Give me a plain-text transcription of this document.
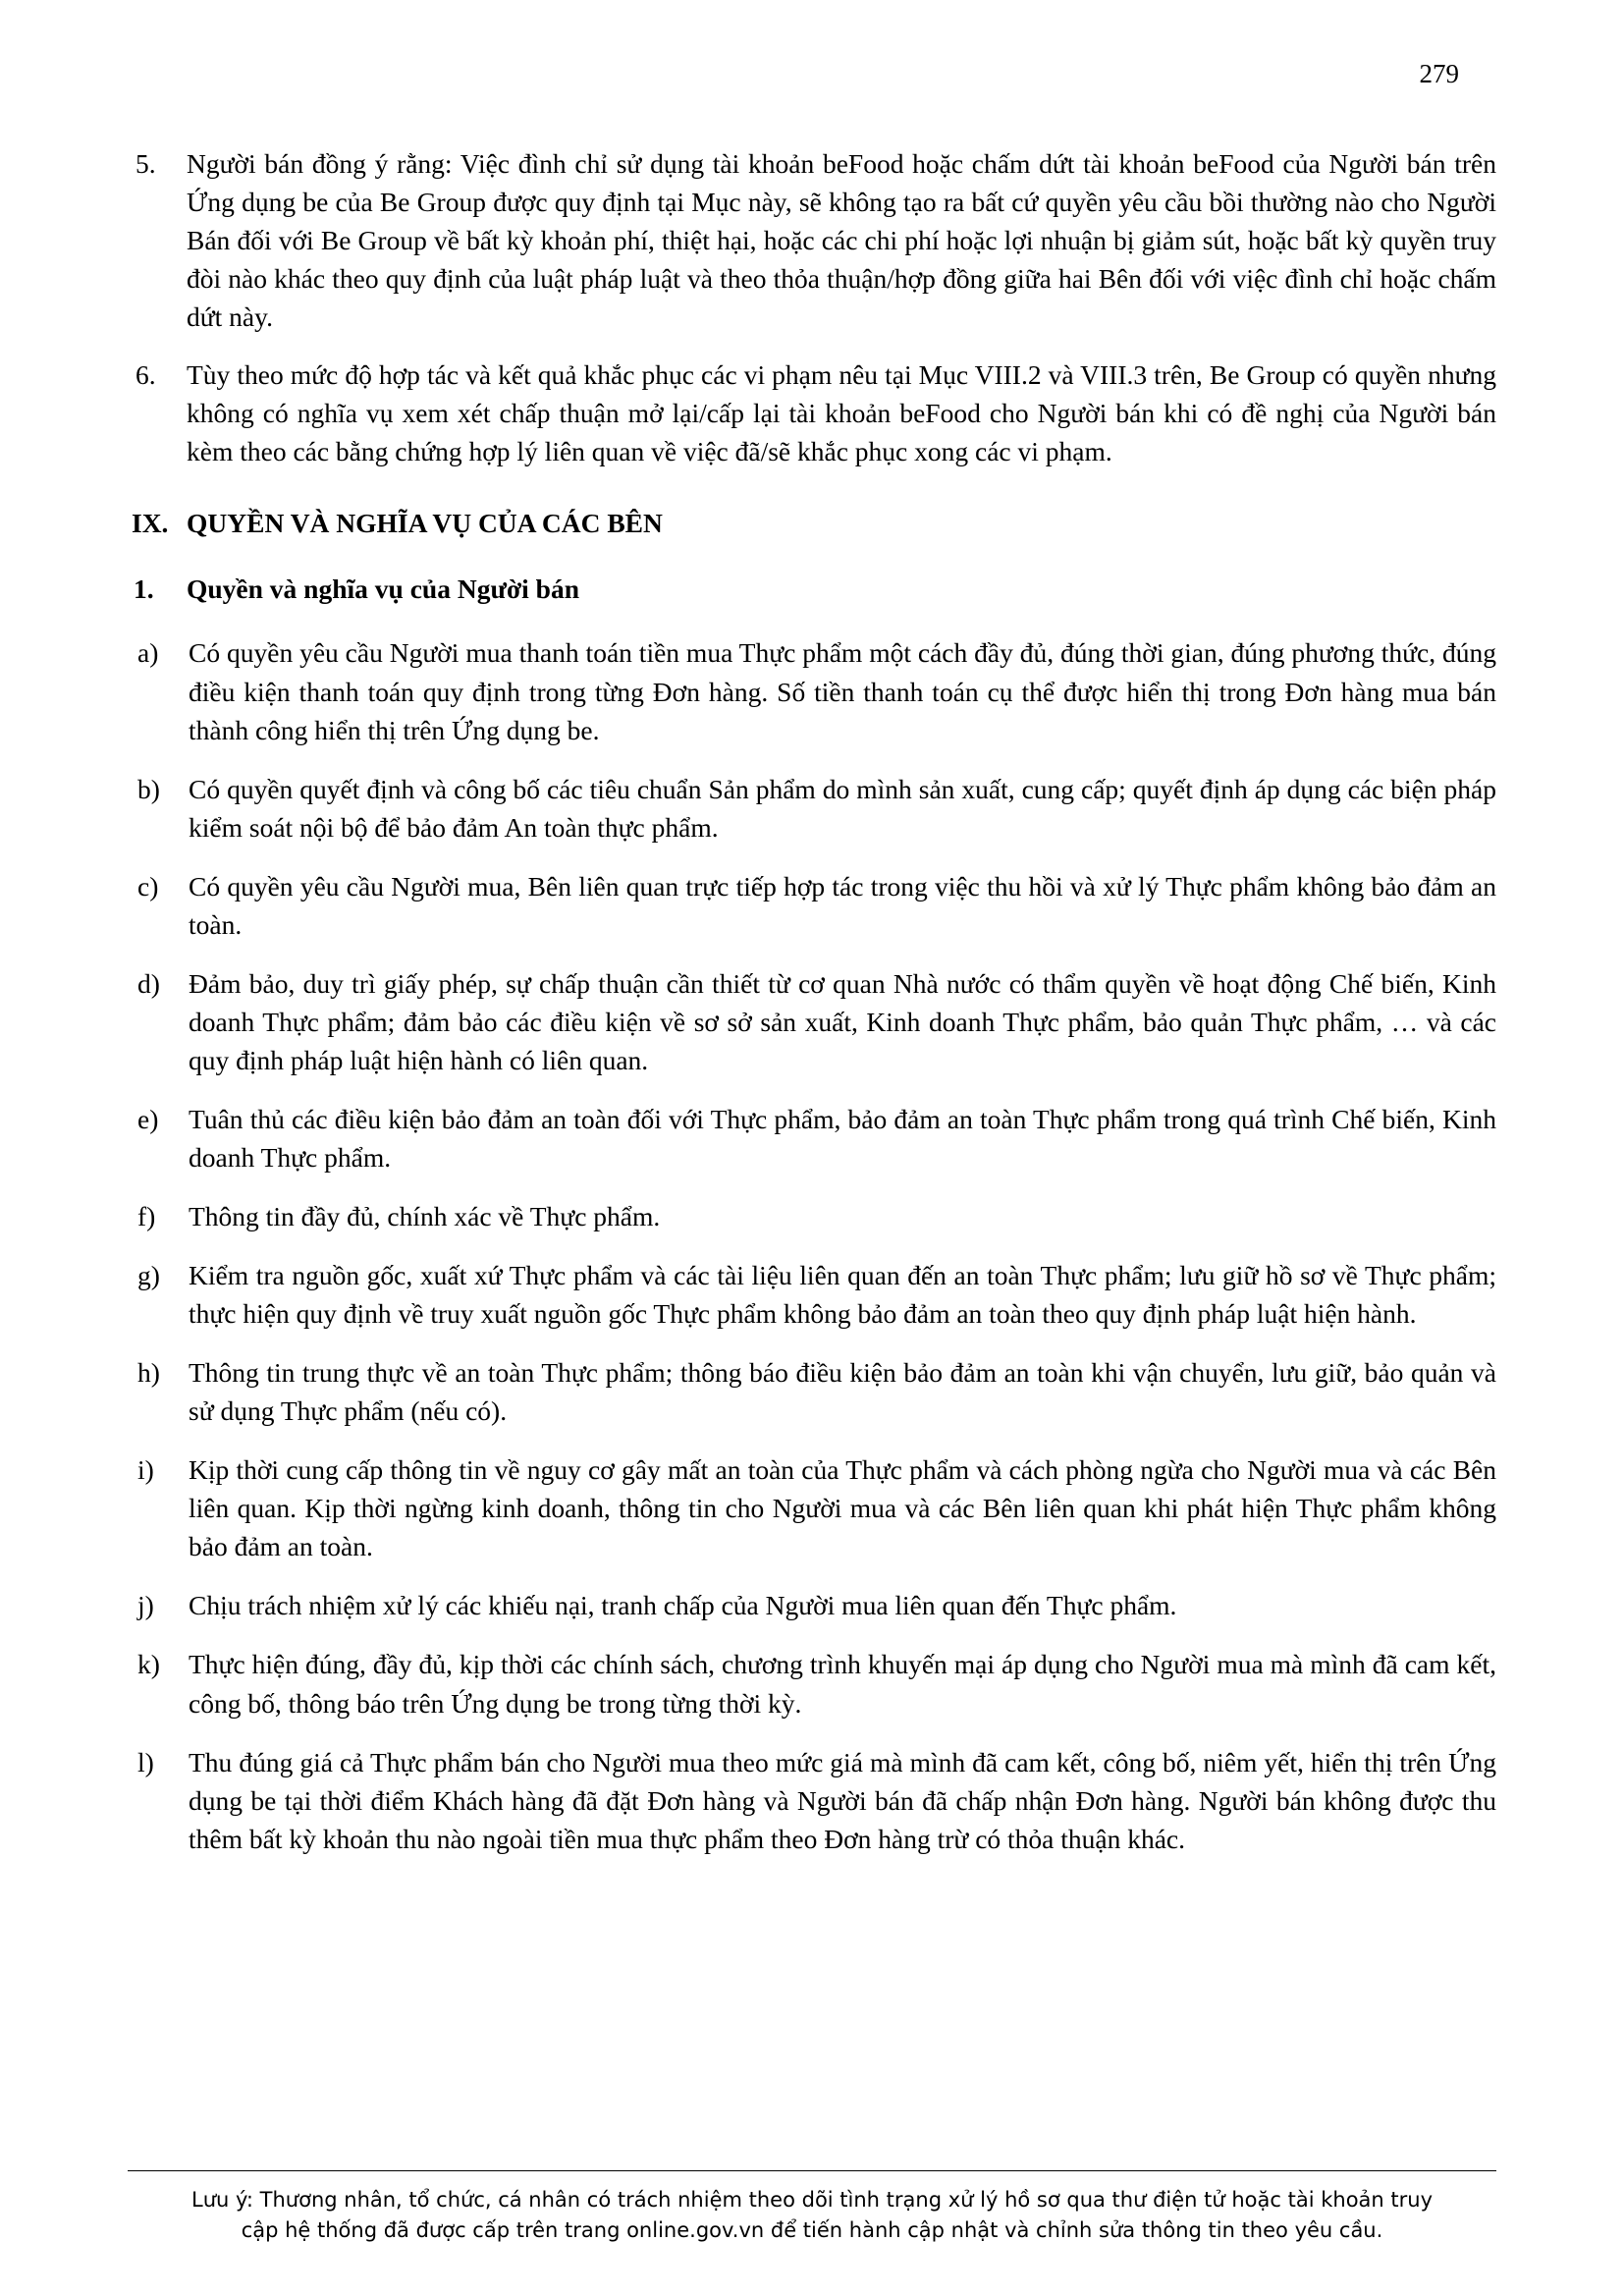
279
5.	Người bán đồng ý rằng: Việc đình chỉ sử dụng tài khoản beFood hoặc chấm dứt tài khoản beFood của Người bán trên Ứng dụng be của Be Group được quy định tại Mục này, sẽ không tạo ra bất cứ quyền yêu cầu bồi thường nào cho Người Bán đối với Be Group về bất kỳ khoản phí, thiệt hại, hoặc các chi phí hoặc lợi nhuận bị giảm sút, hoặc bất kỳ quyền truy đòi nào khác theo quy định của luật pháp luật và theo thỏa thuận/hợp đồng giữa hai Bên đối với việc đình chỉ hoặc chấm dứt này.
6.	Tùy theo mức độ hợp tác và kết quả khắc phục các vi phạm nêu tại Mục VIII.2 và VIII.3 trên, Be Group có quyền nhưng không có nghĩa vụ xem xét chấp thuận mở lại/cấp lại tài khoản beFood cho Người bán khi có đề nghị của Người bán kèm theo các bằng chứng hợp lý liên quan về việc đã/sẽ khắc phục xong các vi phạm.
IX. QUYỀN VÀ NGHĨA VỤ CỦA CÁC BÊN
1.	Quyền và nghĩa vụ của Người bán
a)	Có quyền yêu cầu Người mua thanh toán tiền mua Thực phẩm một cách đầy đủ, đúng thời gian, đúng phương thức, đúng điều kiện thanh toán quy định trong từng Đơn hàng. Số tiền thanh toán cụ thể được hiển thị trong Đơn hàng mua bán thành công hiển thị trên Ứng dụng be.
b)	Có quyền quyết định và công bố các tiêu chuẩn Sản phẩm do mình sản xuất, cung cấp; quyết định áp dụng các biện pháp kiểm soát nội bộ để bảo đảm An toàn thực phẩm.
c)	Có quyền yêu cầu Người mua, Bên liên quan trực tiếp hợp tác trong việc thu hồi và xử lý Thực phẩm không bảo đảm an toàn.
d)	Đảm bảo, duy trì giấy phép, sự chấp thuận cần thiết từ cơ quan Nhà nước có thẩm quyền về hoạt động Chế biến, Kinh doanh Thực phẩm; đảm bảo các điều kiện về sơ sở sản xuất, Kinh doanh Thực phẩm, bảo quản Thực phẩm, … và các quy định pháp luật hiện hành có liên quan.
e)	Tuân thủ các điều kiện bảo đảm an toàn đối với Thực phẩm, bảo đảm an toàn Thực phẩm trong quá trình Chế biến, Kinh doanh Thực phẩm.
f)	Thông tin đầy đủ, chính xác về Thực phẩm.
g)	Kiểm tra nguồn gốc, xuất xứ Thực phẩm và các tài liệu liên quan đến an toàn Thực phẩm; lưu giữ hồ sơ về Thực phẩm; thực hiện quy định về truy xuất nguồn gốc Thực phẩm không bảo đảm an toàn theo quy định pháp luật hiện hành.
h)	Thông tin trung thực về an toàn Thực phẩm; thông báo điều kiện bảo đảm an toàn khi vận chuyển, lưu giữ, bảo quản và sử dụng Thực phẩm (nếu có).
i)	Kịp thời cung cấp thông tin về nguy cơ gây mất an toàn của Thực phẩm và cách phòng ngừa cho Người mua và các Bên liên quan. Kịp thời ngừng kinh doanh, thông tin cho Người mua và các Bên liên quan khi phát hiện Thực phẩm không bảo đảm an toàn.
j)	Chịu trách nhiệm xử lý các khiếu nại, tranh chấp của Người mua liên quan đến Thực phẩm.
k)	Thực hiện đúng, đầy đủ, kịp thời các chính sách, chương trình khuyến mại áp dụng cho Người mua mà mình đã cam kết, công bố, thông báo trên Ứng dụng be trong từng thời kỳ.
l)	Thu đúng giá cả Thực phẩm bán cho Người mua theo mức giá mà mình đã cam kết, công bố, niêm yết, hiển thị trên Ứng dụng be tại thời điểm Khách hàng đã đặt Đơn hàng và Người bán đã chấp nhận Đơn hàng. Người bán không được thu thêm bất kỳ khoản thu nào ngoài tiền mua thực phẩm theo Đơn hàng trừ có thỏa thuận khác.
Lưu ý: Thương nhân, tổ chức, cá nhân có trách nhiệm theo dõi tình trạng xử lý hồ sơ qua thư điện tử hoặc tài khoản truy
cập hệ thống đã được cấp trên trang online.gov.vn để tiến hành cập nhật và chỉnh sửa thông tin theo yêu cầu.
